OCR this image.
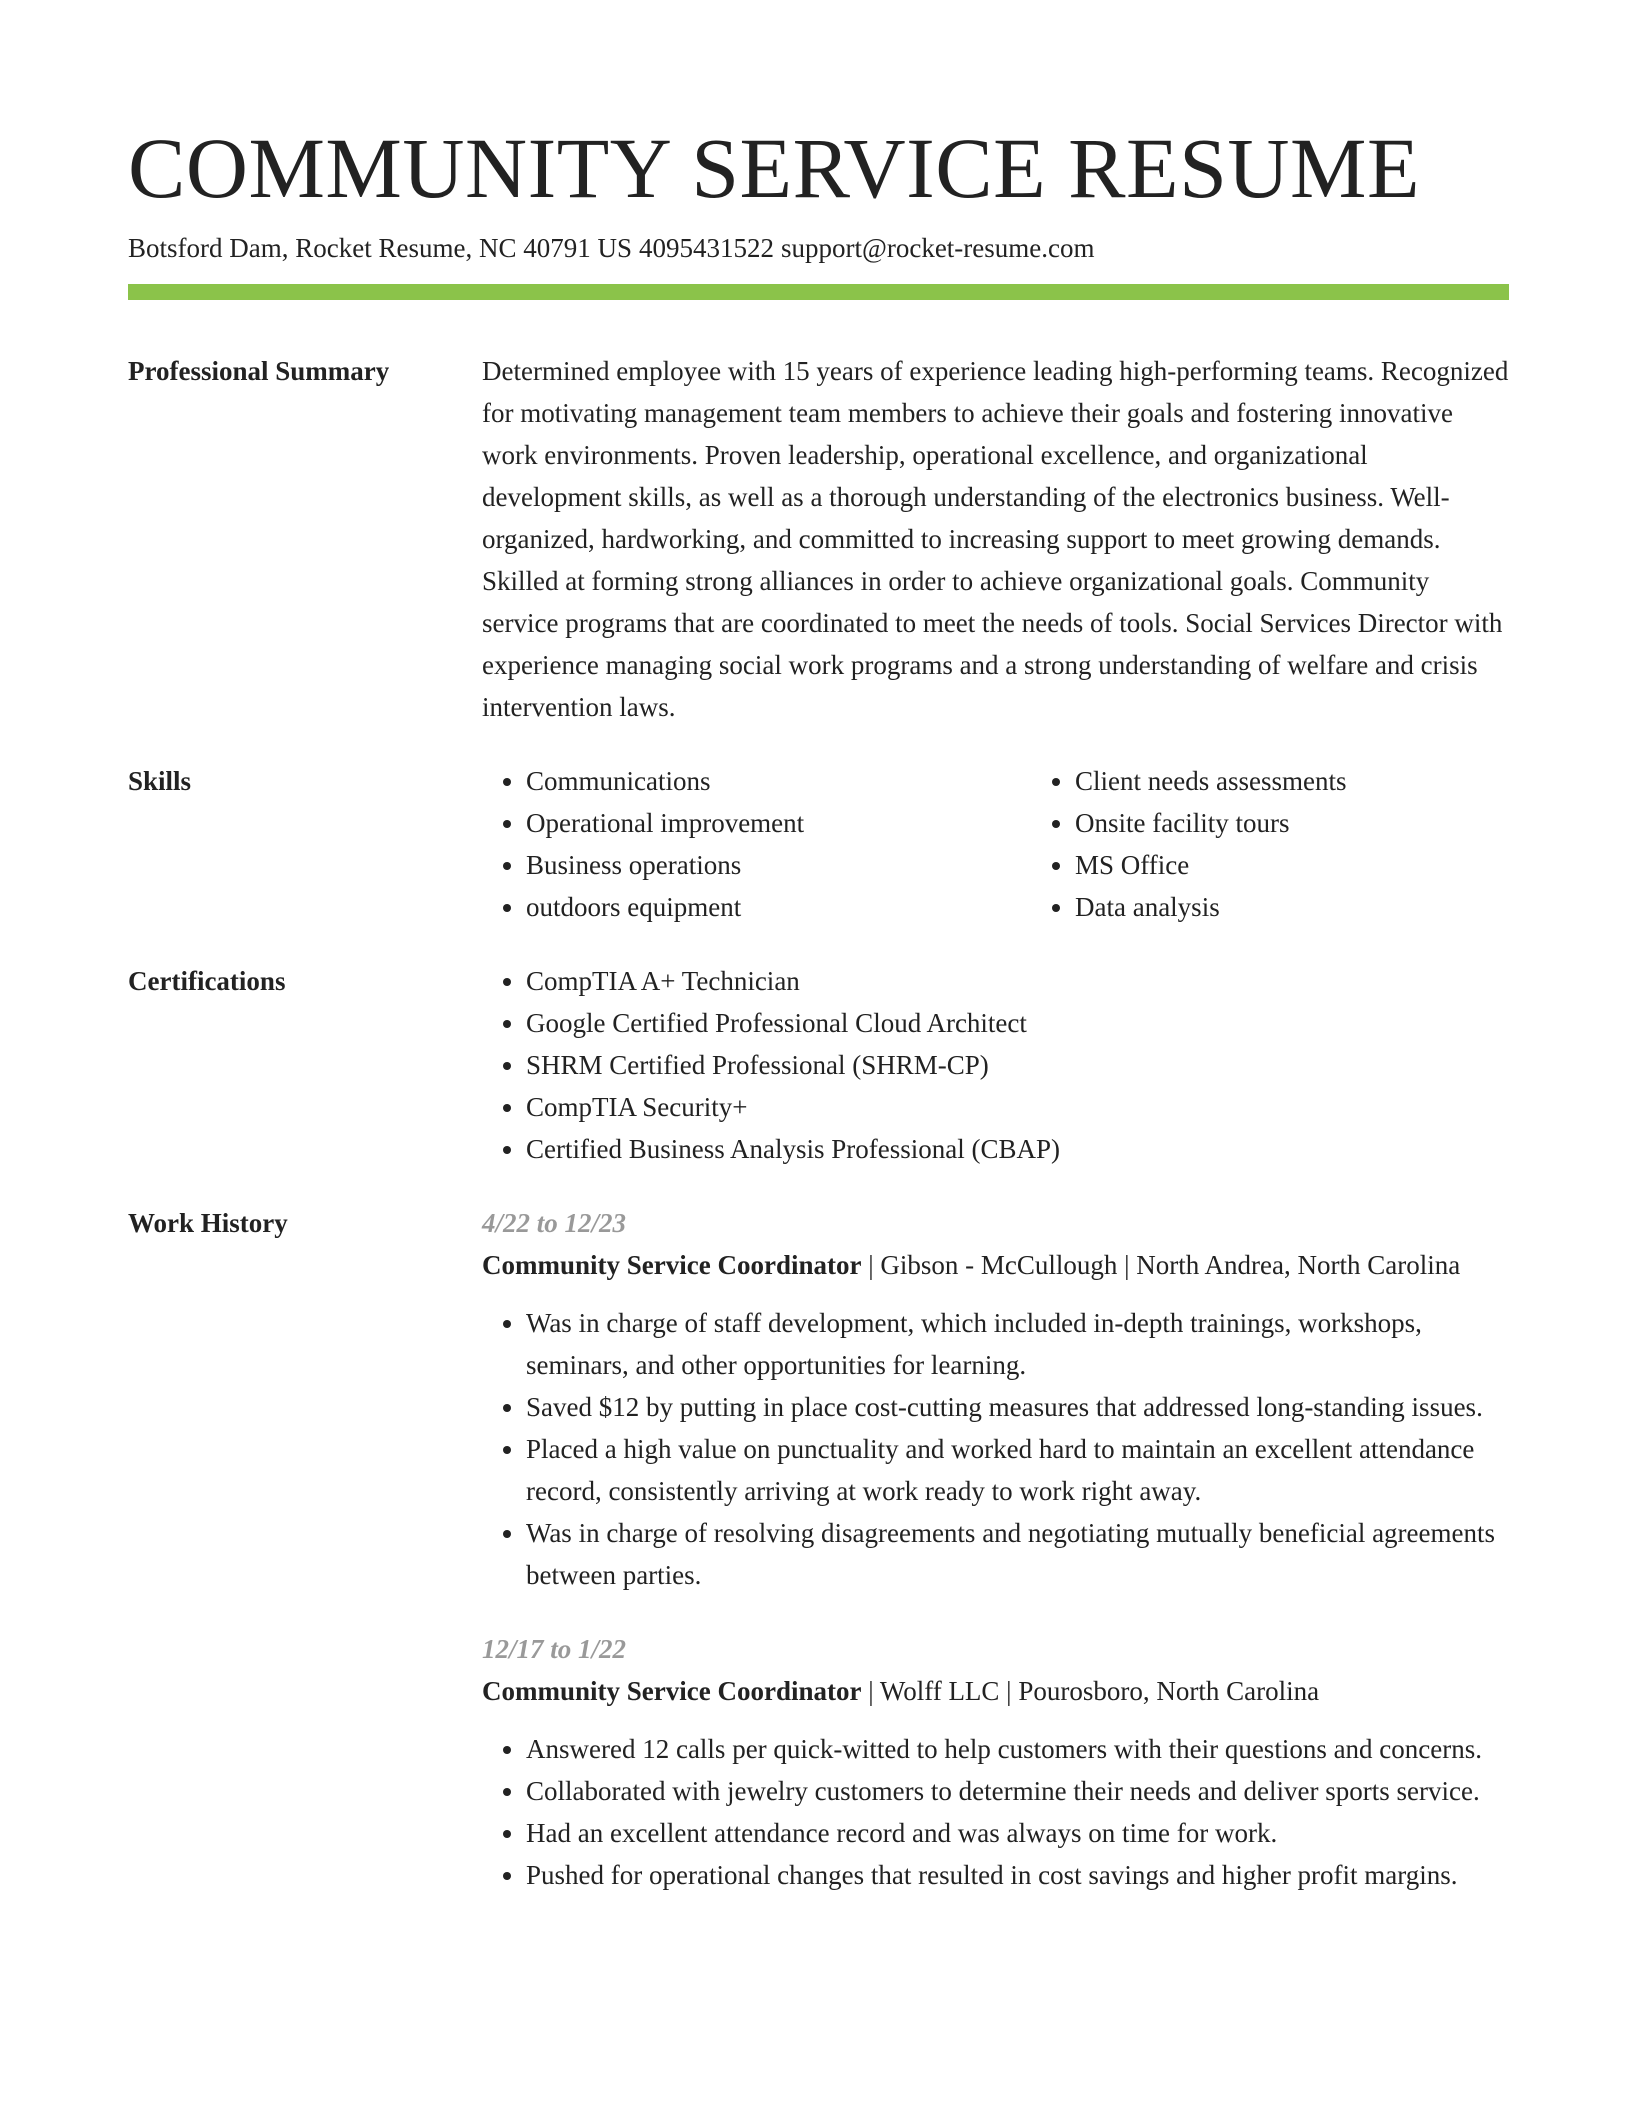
COMMUNITY SERVICE RESUME
Botsford Dam, Rocket Resume, NC 40791 US 4095431522 support@rocket-resume.com
Professional Summary	Determined employee with 15 years of experience leading high-performing teams. Recognized for motivating management team members to achieve their goals and fostering innovative work environments. Proven leadership, operational excellence, and organizational development skills, as well as a thorough understanding of the electronics business. Well-organized, hardworking, and committed to increasing support to meet growing demands. Skilled at forming strong alliances in order to achieve organizational goals. Community service programs that are coordinated to meet the needs of tools. Social Services Director with experience managing social work programs and a strong understanding of welfare and crisis intervention laws.

Skills	• Communications
• Operational improvement
• Business operations
• outdoors equipment
• Client needs assessments
• Onsite facility tours
• MS Office
• Data analysis
Certifications	• CompTIA A+ Technician
• Google Certified Professional Cloud Architect
• SHRM Certified Professional (SHRM-CP)
• CompTIA Security+
• Certified Business Analysis Professional (CBAP)
Work History	4/22 to 12/23
Community Service Coordinator | Gibson - McCullough | North Andrea, North Carolina
• Was in charge of staff development, which included in-depth trainings, workshops, seminars, and other opportunities for learning.
• Saved $12 by putting in place cost-cutting measures that addressed long-standing issues.
• Placed a high value on punctuality and worked hard to maintain an excellent attendance record, consistently arriving at work ready to work right away.
• Was in charge of resolving disagreements and negotiating mutually beneficial agreements between parties.
12/17 to 1/22
Community Service Coordinator | Wolff LLC | Pourosboro, North Carolina
• Answered 12 calls per quick-witted to help customers with their questions and concerns.
• Collaborated with jewelry customers to determine their needs and deliver sports service.
• Had an excellent attendance record and was always on time for work.
• Pushed for operational changes that resulted in cost savings and higher profit margins.
